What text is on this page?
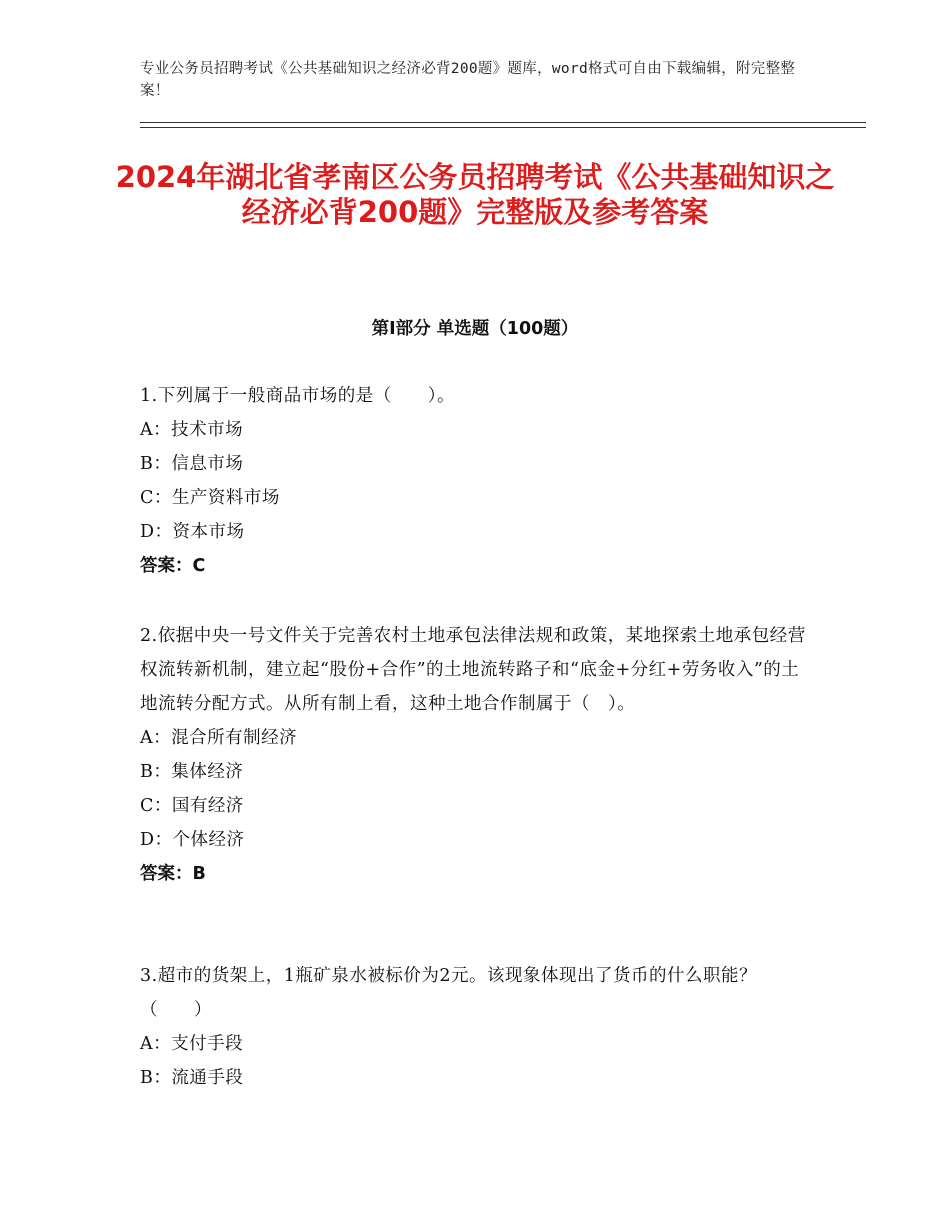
专业公务员招聘考试《公共基础知识之经济必背200题》题库，word格式可自由下载编辑，附完整整案！
2024年湖北省孝南区公务员招聘考试《公共基础知识之经济必背200题》完整版及参考答案
第Ⅰ部分 单选题（100题）

1.下列属于一般商品市场的是（　　）。

A：技术市场

B：信息市场

C：生产资料市场

D：资本市场

答案：C

2.依据中央一号文件关于完善农村土地承包法律法规和政策，某地探索土地承包经营权流转新机制，建立起“股份+合作”的土地流转路子和“底金+分红+劳务收入”的土地流转分配方式。从所有制上看，这种土地合作制属于（　）。

A：混合所有制经济

B：集体经济

C：国有经济

D：个体经济

答案：B

3.超市的货架上，1瓶矿泉水被标价为2元。该现象体现出了货币的什么职能？（　　）

A：支付手段

B：流通手段
